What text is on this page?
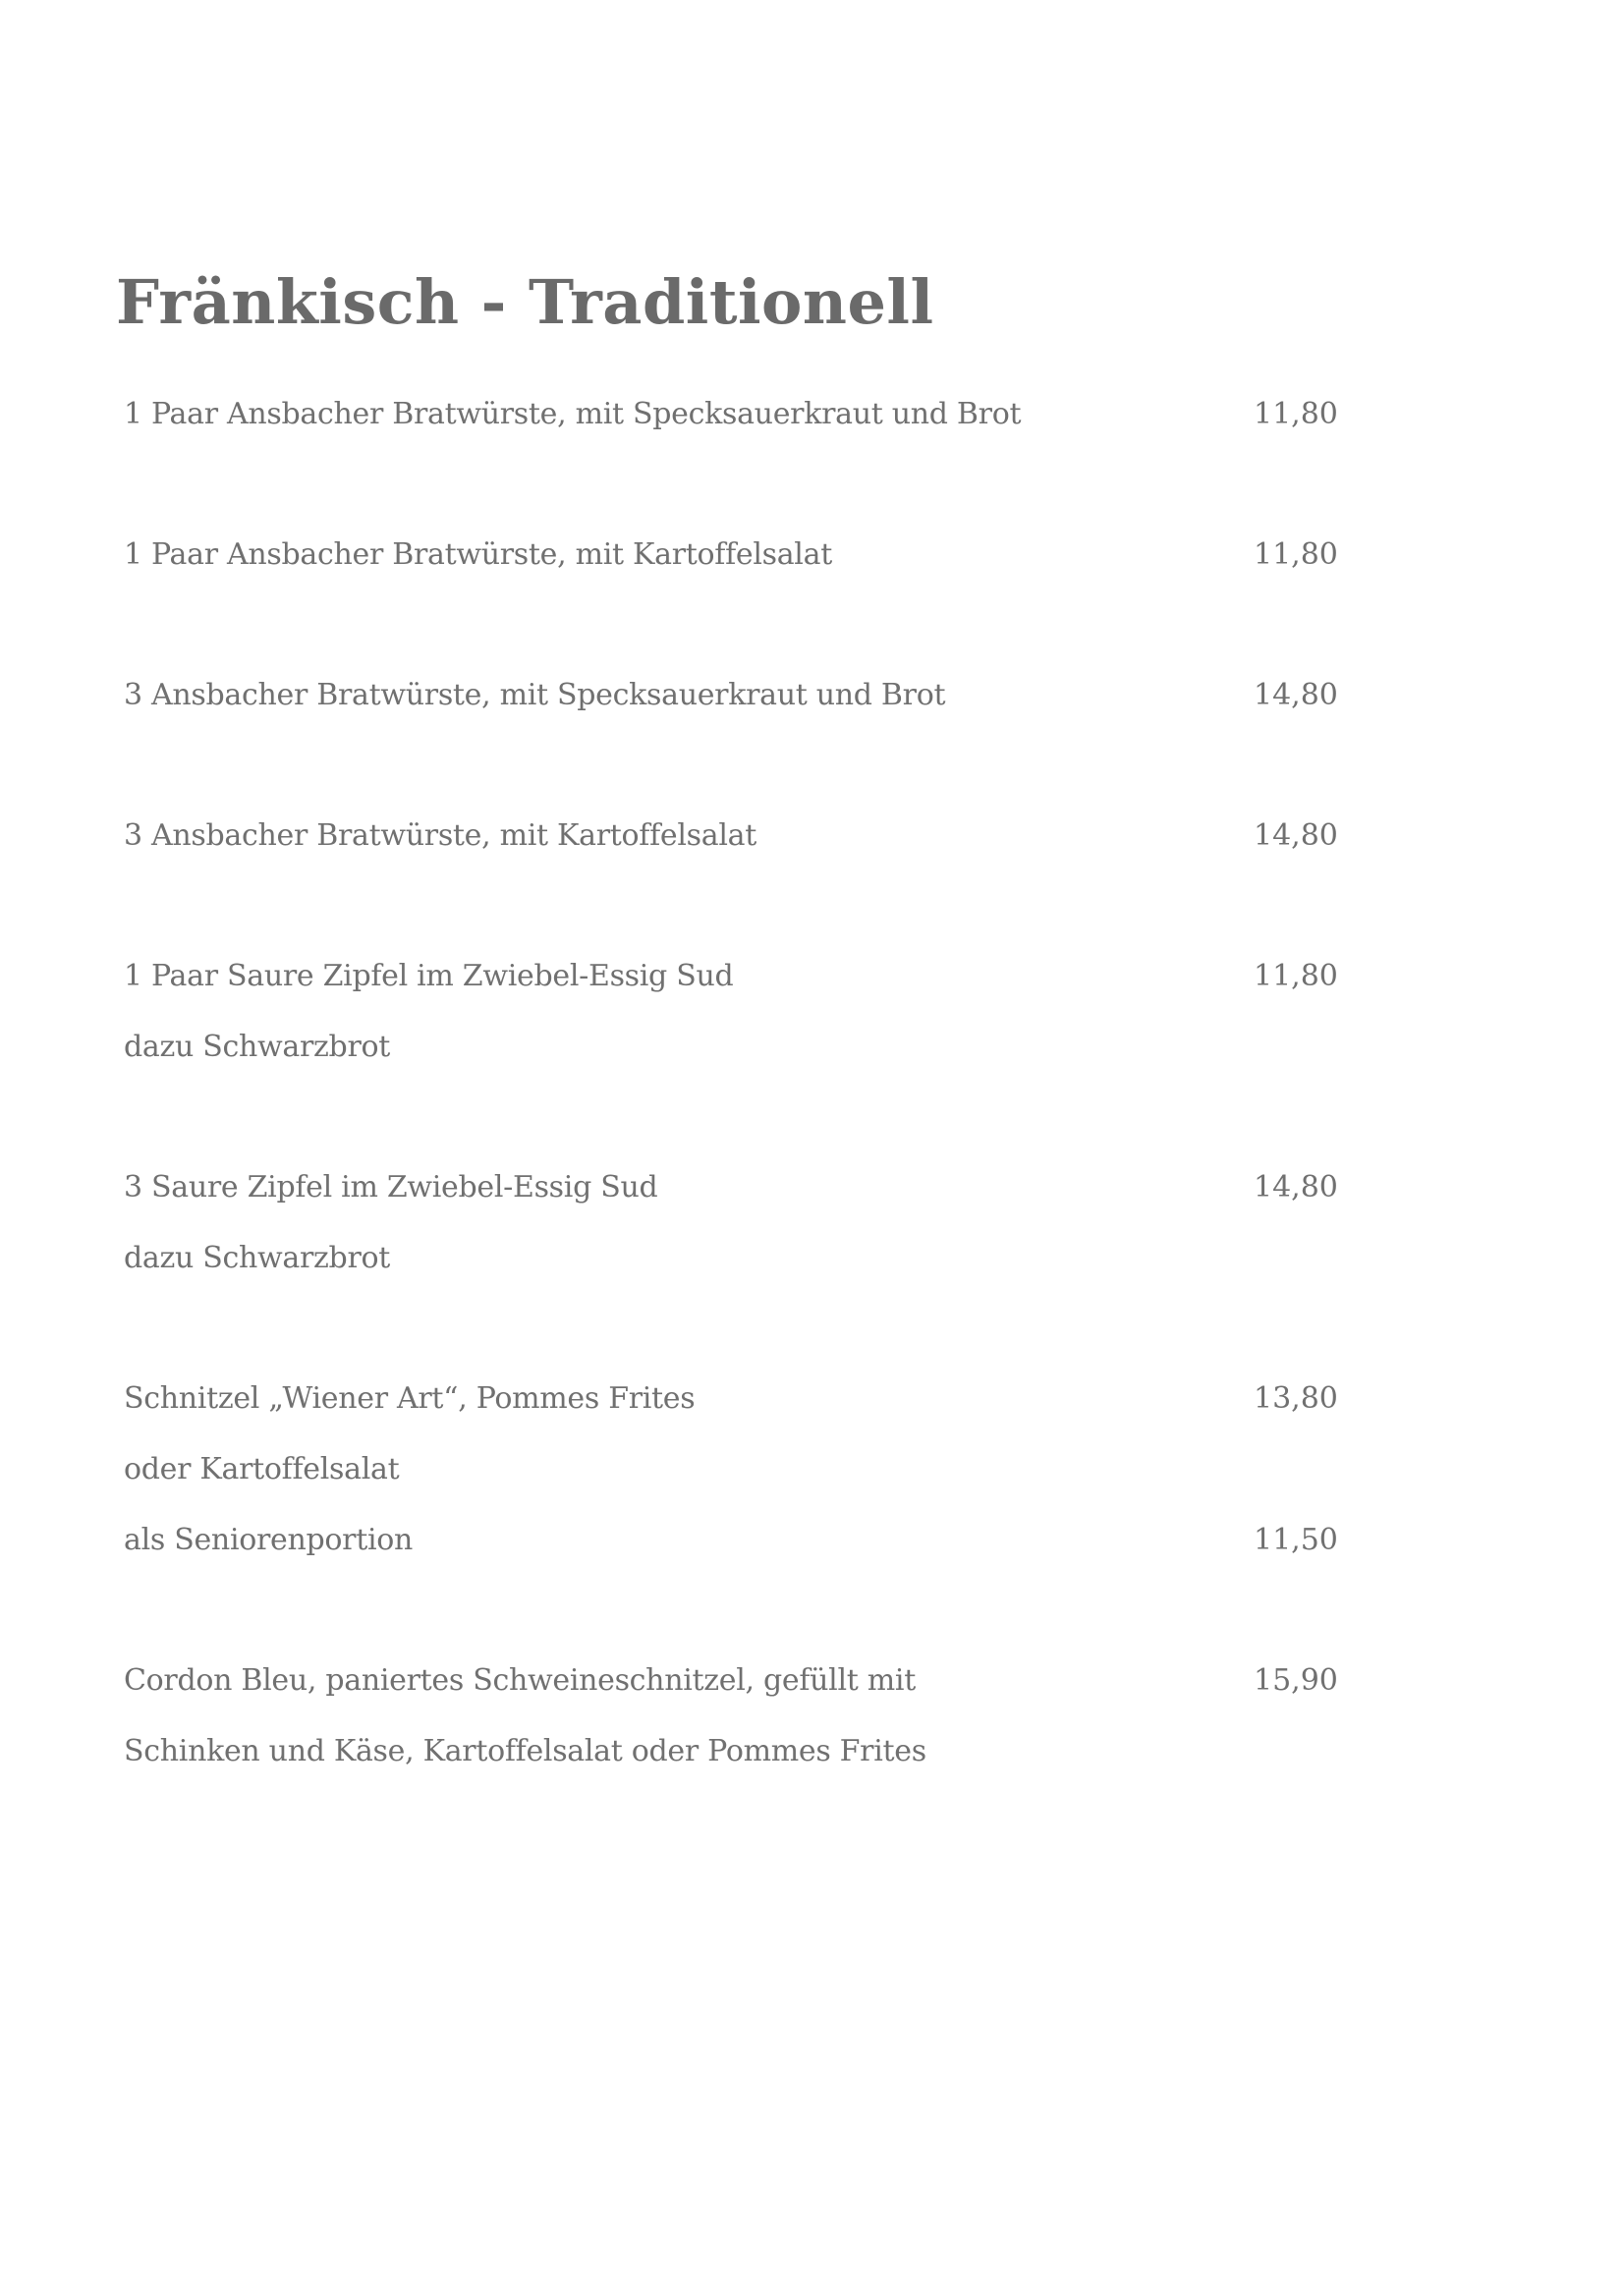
Fränkisch - Traditionell
1 Paar Ansbacher Bratwürste, mit Specksauerkraut und Brot	11,80
1 Paar Ansbacher Bratwürste, mit Kartoffelsalat	11,80
3 Ansbacher Bratwürste, mit Specksauerkraut und Brot	14,80
3 Ansbacher Bratwürste, mit Kartoffelsalat	14,80
1 Paar Saure Zipfel im Zwiebel-Essig Sud	11,80
dazu Schwarzbrot
3 Saure Zipfel im Zwiebel-Essig Sud	14,80
dazu Schwarzbrot
Schnitzel „Wiener Art“, Pommes Frites	13,80
oder Kartoffelsalat
als Seniorenportion	11,50
Cordon Bleu, paniertes Schweineschnitzel, gefüllt mit	15,90
Schinken und Käse, Kartoffelsalat oder Pommes Frites
